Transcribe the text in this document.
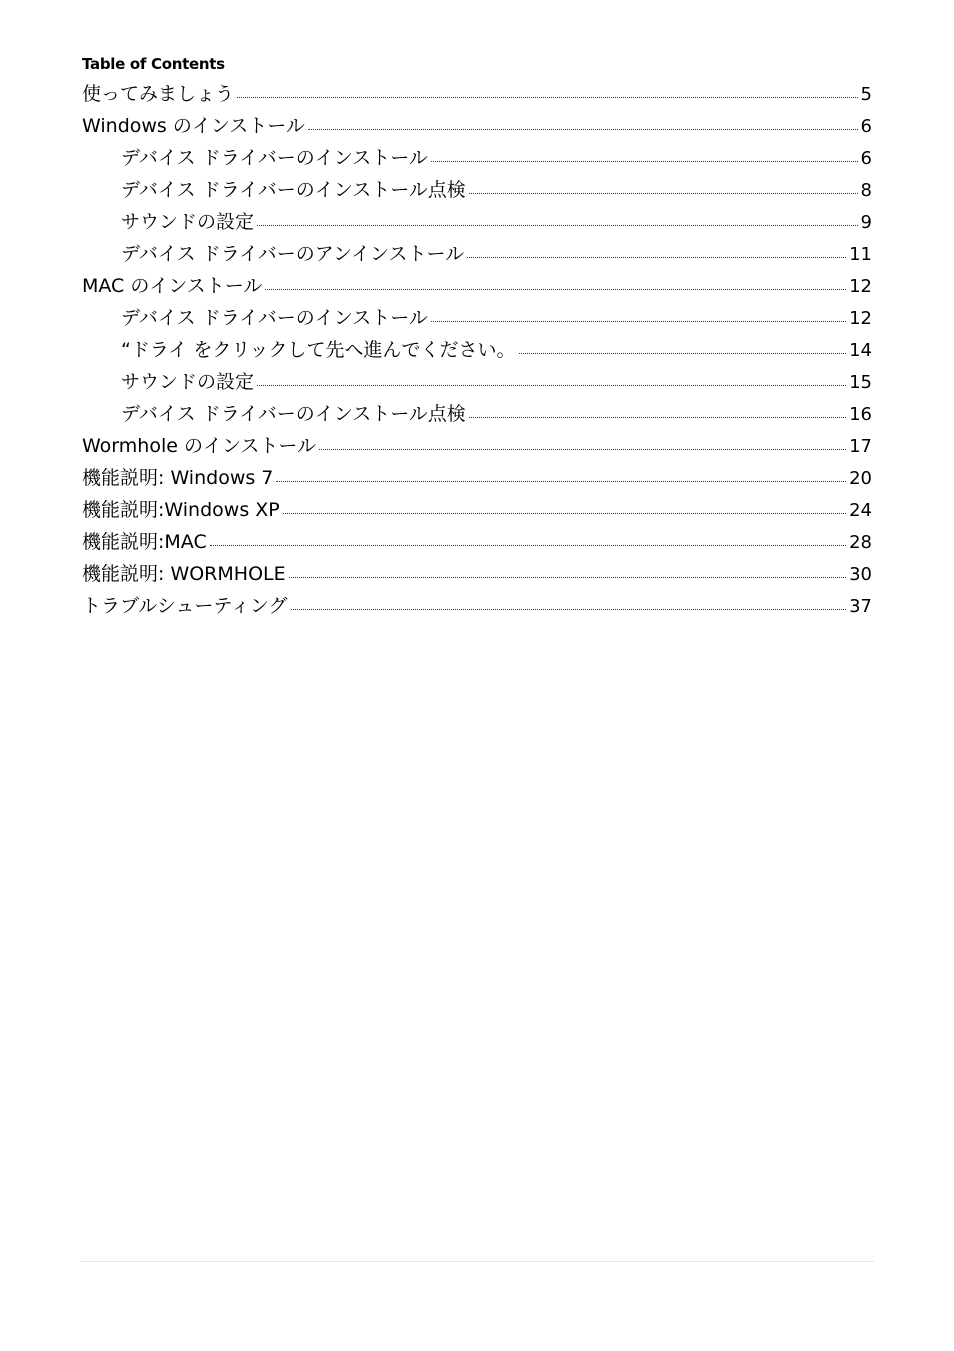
Table of Contents
使ってみましょう	5
Windows のインストール	6
デバイス ドライバーのインストール	6
デバイス ドライバーのインストール点検	8
サウンドの設定	9
デバイス ドライバーのアンインストール	11
MAC のインストール	12
デバイス ドライバーのインストール	12
“ドライ をクリックして先へ進んでください。	14
サウンドの設定	15
デバイス ドライバーのインストール点検	16
Wormhole のインストール	17
機能説明: Windows 7	20
機能説明:Windows XP	24
機能説明:MAC	28
機能説明: WORMHOLE	30
トラブルシューティング	37
